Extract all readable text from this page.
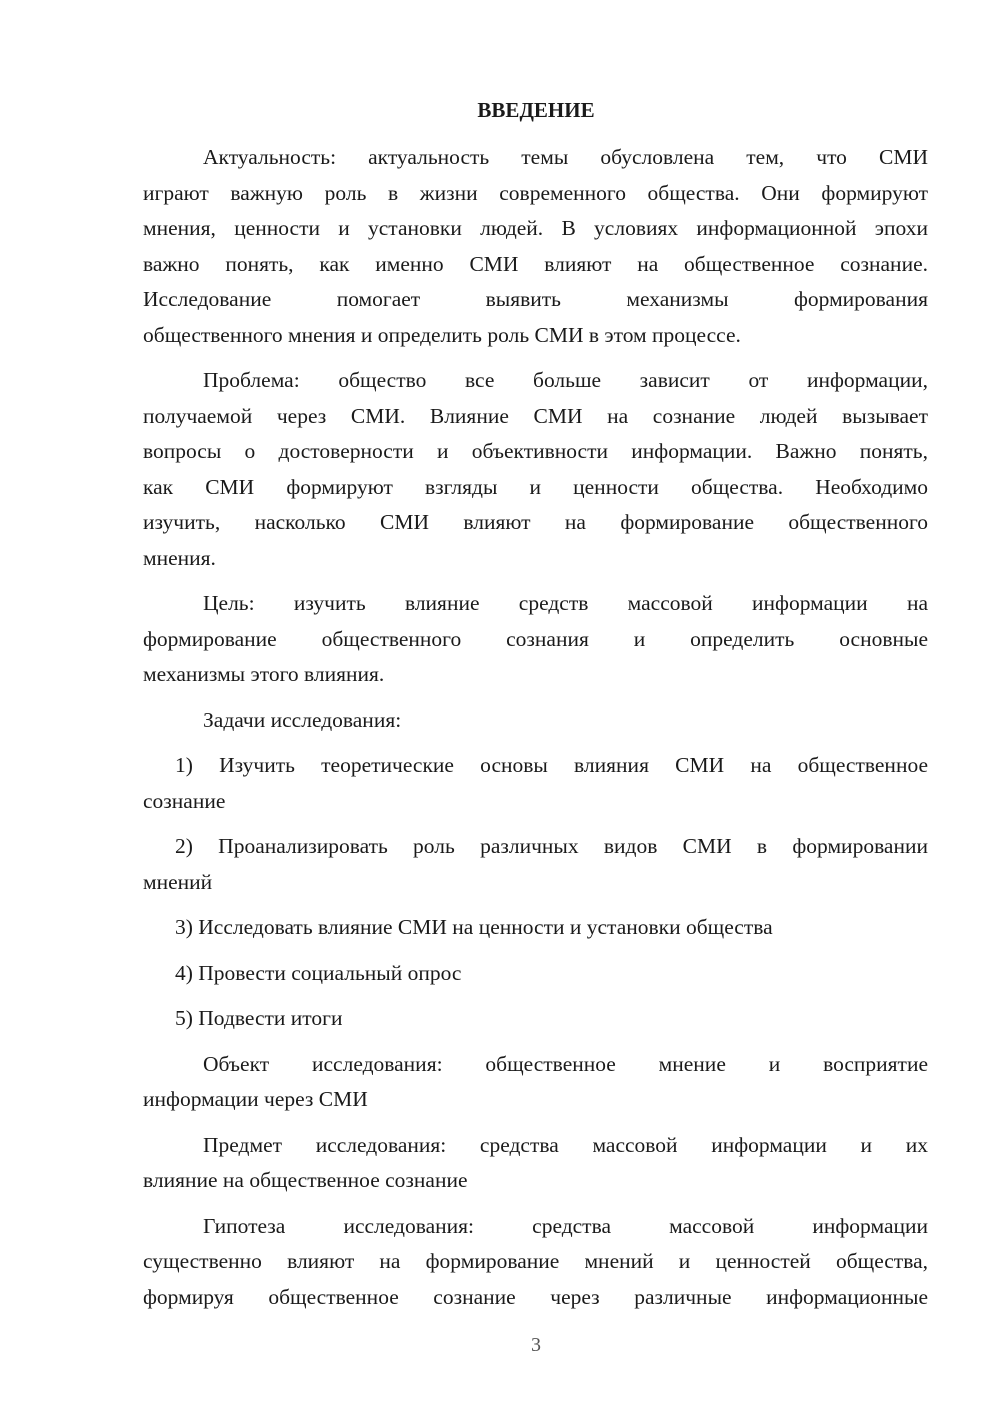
ВВЕДЕНИЕ
Актуальность: актуальность темы обусловлена тем, что СМИ
играют важную роль в жизни современного общества. Они формируют
мнения, ценности и установки людей. В условиях информационной эпохи
важно понять, как именно СМИ влияют на общественное сознание.
Исследование помогает выявить механизмы формирования
общественного мнения и определить роль СМИ в этом процессе.
Проблема: общество все больше зависит от информации,
получаемой через СМИ. Влияние СМИ на сознание людей вызывает
вопросы о достоверности и объективности информации. Важно понять,
как СМИ формируют взгляды и ценности общества. Необходимо
изучить, насколько СМИ влияют на формирование общественного
мнения.
Цель: изучить влияние средств массовой информации на
формирование общественного сознания и определить основные
механизмы этого влияния.
Задачи исследования:
1) Изучить теоретические основы влияния СМИ на общественное
сознание
2) Проанализировать роль различных видов СМИ в формировании
мнений
3) Исследовать влияние СМИ на ценности и установки общества
4) Провести социальный опрос
5) Подвести итоги
Объект исследования: общественное мнение и восприятие
информации через СМИ
Предмет исследования: средства массовой информации и их
влияние на общественное сознание
Гипотеза исследования: средства массовой информации
существенно влияют на формирование мнений и ценностей общества,
формируя общественное сознание через различные информационные
3
